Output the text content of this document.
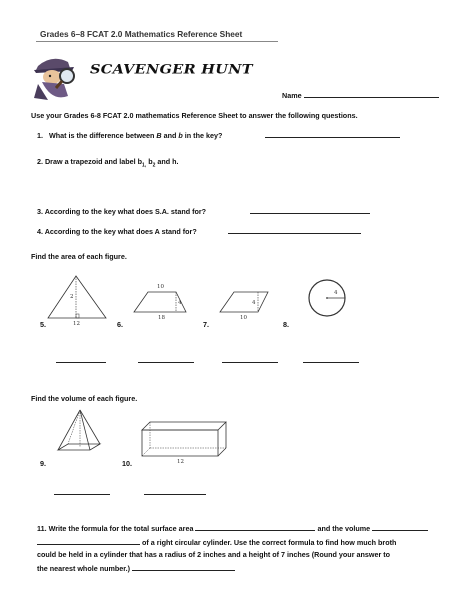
Grades 6–8 FCAT 2.0 Mathematics Reference Sheet
SCAVENGER HUNT
Name
Use your Grades 6-8 FCAT 2.0 mathematics Reference Sheet to answer the following questions.
1.   What is the difference between B and b in the key?
2. Draw a trapezoid and label $b_{1,}$ $b_2$ and h.
3. According to the key what does S.A. stand for?
4. According to the key what does A stand for?
Find the area of each figure.
2
12
10
4
18
4
10
4
5.	6.	7.	8.
Find the volume of each figure.
12
9.	10.
11. Write the formula for the total surface area	and the volume
of a right circular cylinder. Use the correct formula to find how much broth
could be held in a cylinder that has a radius of 2 inches and a height of 7 inches (Round your answer to
the nearest whole number.)
